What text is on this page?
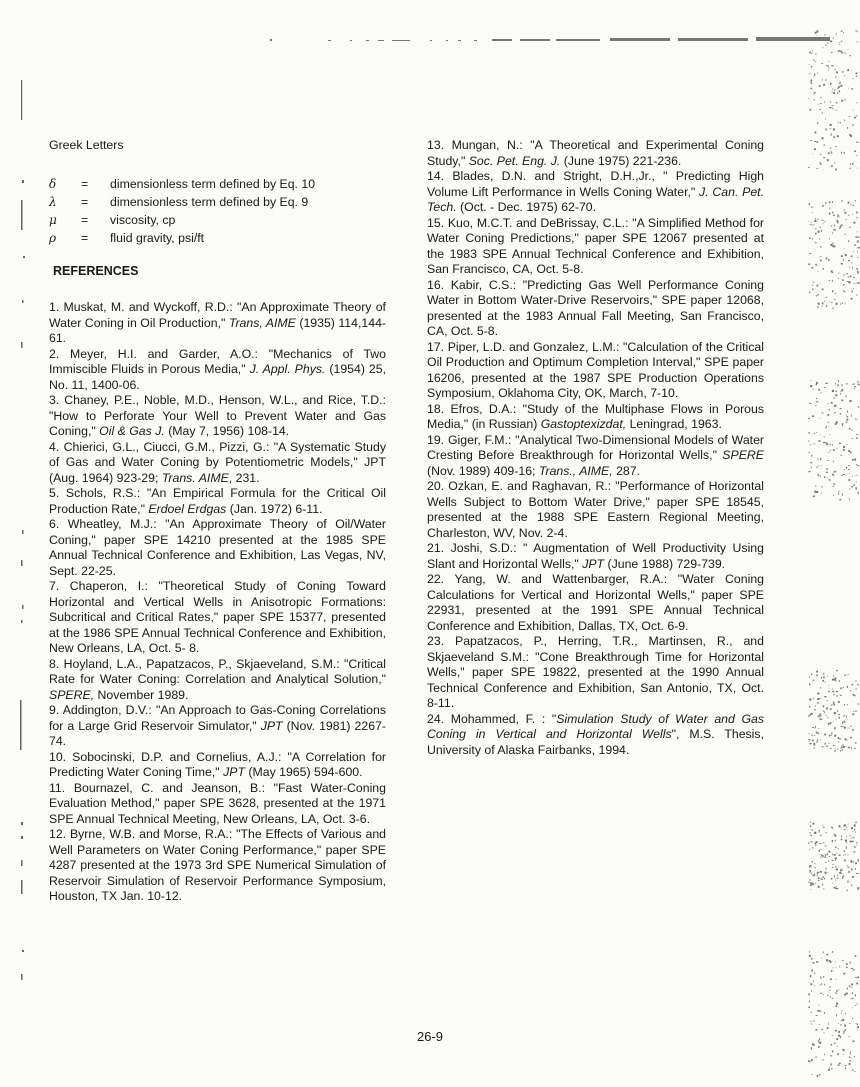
Greek Letters
δ	=	dimensionless term defined by Eq. 10
λ	=	dimensionless term defined by Eq. 9
μ	=	viscosity, cp
ρ	=	fluid gravity, psi/ft
REFERENCES

1. Muskat, M. and Wyckoff, R.D.: "An Approximate Theory of Water Coning in Oil Production," Trans, AIME (1935) 114,144-61.

2. Meyer, H.I. and Garder, A.O.: "Mechanics of Two Immiscible Fluids in Porous Media," J. Appl. Phys. (1954) 25, No. 11, 1400-06.

3. Chaney, P.E., Noble, M.D., Henson, W.L., and Rice, T.D.: "How to Perforate Your Well to Prevent Water and Gas Coning," Oil & Gas J. (May 7, 1956) 108-14.

4. Chierici, G.L., Ciucci, G.M., Pizzi, G.: "A Systematic Study of Gas and Water Coning by Potentiometric Models," JPT (Aug. 1964) 923-29; Trans. AIME, 231.

5. Schols, R.S.: "An Empirical Formula for the Critical Oil Production Rate," Erdoel Erdgas (Jan. 1972) 6-11.

6. Wheatley, M.J.: "An Approximate Theory of Oil/Water Coning," paper SPE 14210 presented at the 1985 SPE Annual Technical Conference and Exhibition, Las Vegas, NV, Sept. 22-25.

7. Chaperon, I.: "Theoretical Study of Coning Toward Horizontal and Vertical Wells in Anisotropic Formations: Subcritical and Critical Rates," paper SPE 15377, presented at the 1986 SPE Annual Technical Conference and Exhibition, New Orleans, LA, Oct. 5- 8.

8. Hoyland, L.A., Papatzacos, P., Skjaeveland, S.M.: "Critical Rate for Water Coning: Correlation and Analytical Solution," SPERE, November 1989.

9. Addington, D.V.: "An Approach to Gas-Coning Correlations for a Large Grid Reservoir Simulator," JPT (Nov. 1981) 2267-74.

10. Sobocinski, D.P. and Cornelius, A.J.: "A Correlation for Predicting Water Coning Time," JPT (May 1965) 594-600.

11. Bournazel, C. and Jeanson, B.: "Fast Water-Coning Evaluation Method," paper SPE 3628, presented at the 1971 SPE Annual Technical Meeting, New Orleans, LA, Oct. 3-6.

12. Byrne, W.B. and Morse, R.A.: "The Effects of Various and Well Parameters on Water Coning Performance," paper SPE 4287 presented at the 1973 3rd SPE Numerical Simulation of Reservoir Simulation of Reservoir Performance Symposium, Houston, TX Jan. 10-12.

13. Mungan, N.: "A Theoretical and Experimental Coning Study," Soc. Pet. Eng. J. (June 1975) 221-236.

14. Blades, D.N. and Stright, D.H.,Jr., " Predicting High Volume Lift Performance in Wells Coning Water," J. Can. Pet. Tech. (Oct. - Dec. 1975) 62-70.

15. Kuo, M.C.T. and DeBrissay, C.L.: "A Simplified Method for Water Coning Predictions," paper SPE 12067 presented at the 1983 SPE Annual Technical Conference and Exhibition, San Francisco, CA, Oct. 5-8.

16. Kabir, C.S.: "Predicting Gas Well Performance Coning Water in Bottom Water-Drive Reservoirs," SPE paper 12068, presented at the 1983 Annual Fall Meeting, San Francisco, CA, Oct. 5-8.

17. Piper, L.D. and Gonzalez, L.M.: "Calculation of the Critical Oil Production and Optimum Completion Interval," SPE paper 16206, presented at the 1987 SPE Production Operations Symposium, Oklahoma City, OK, March, 7-10.

18. Efros, D.A.: "Study of the Multiphase Flows in Porous Media," (in Russian) Gastoptexizdat, Leningrad, 1963.

19. Giger, F.M.: "Analytical Two-Dimensional Models of Water Cresting Before Breakthrough for Horizontal Wells," SPERE (Nov. 1989) 409-16; Trans., AIME, 287.

20. Ozkan, E. and Raghavan, R.: "Performance of Horizontal Wells Subject to Bottom Water Drive," paper SPE 18545, presented at the 1988 SPE Eastern Regional Meeting, Charleston, WV, Nov. 2-4.

21. Joshi, S.D.: " Augmentation of Well Productivity Using Slant and Horizontal Wells," JPT (June 1988) 729-739.

22. Yang, W. and Wattenbarger, R.A.: "Water Coning Calculations for Vertical and Horizontal Wells," paper SPE 22931, presented at the 1991 SPE Annual Technical Conference and Exhibition, Dallas, TX, Oct. 6-9.

23. Papatzacos, P., Herring, T.R., Martinsen, R., and Skjaeveland S.M.: "Cone Breakthrough Time for Horizontal Wells," paper SPE 19822, presented at the 1990 Annual Technical Conference and Exhibition, San Antonio, TX, Oct. 8-11.

24. Mohammed, F. : "Simulation Study of Water and Gas Coning in Vertical and Horizontal Wells", M.S. Thesis, University of Alaska Fairbanks, 1994.

26-9
